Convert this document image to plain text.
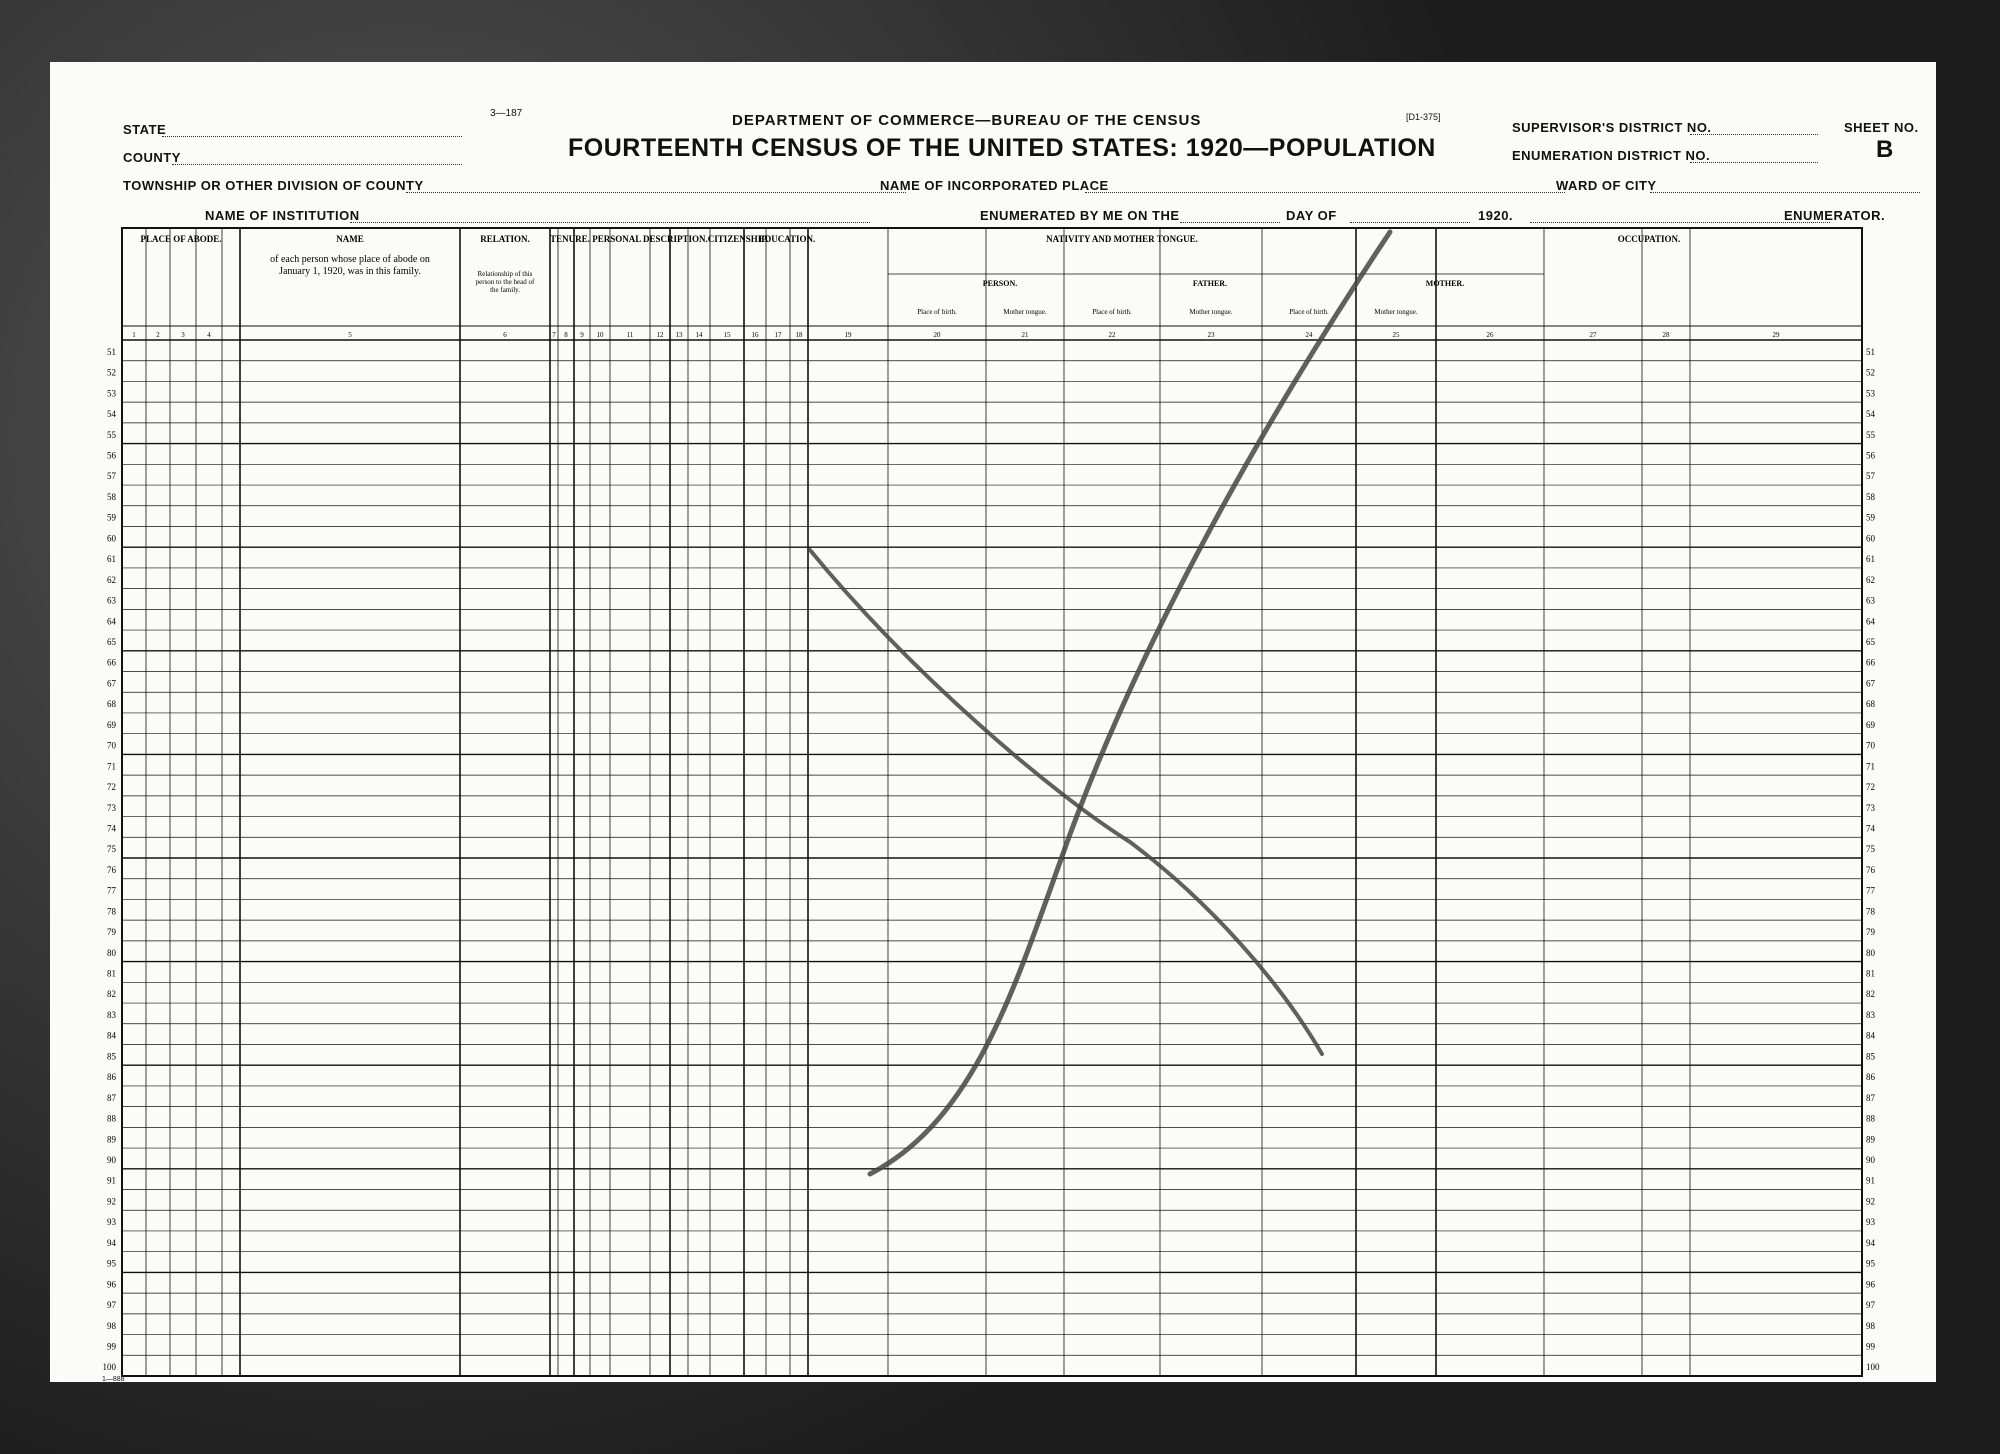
3—187	[D1-375]
DEPARTMENT OF COMMERCE—BUREAU OF THE CENSUS
FOURTEENTH CENSUS OF THE UNITED STATES: 1920—POPULATION
STATE
COUNTY
TOWNSHIP OR OTHER DIVISION OF COUNTY
NAME OF INSTITUTION
NAME OF INCORPORATED PLACE
ENUMERATED BY ME ON THE	DAY OF	1920.	ENUMERATOR.
SUPERVISOR'S DISTRICT NO.
ENUMERATION DISTRICT NO.
WARD OF CITY
SHEET NO.
B
PLACE OF ABODE.	NAME	RELATION. TENURE. PERSONAL DESCRIPTION. CITIZENSHIP.
EDUCATION.	NATIVITY AND MOTHER TONGUE.	OCCUPATION.
of each person whose place of abode on
January 1, 1920, was in this family.	Relationship of this
person to the head of
the family.
PERSON.	FATHER.	MOTHER.
Place of birth.	Mother tongue.	Place of birth.	Mother tongue.	Place of birth.	Mother tongue.
1	2	3	4	5	6	7 8 9 10	11	12 13 14	15	16 17 18	19	20	21	22	23	24	25	26	27	28	29
51	51
52	52
53	53
54	54
55	55
56	56
57	57
58	58
59	59
60	60
61	61
62	62
63	63
64	64
65	65
66	66
67	67
68	68
69	69
70	70
71	71
72	72
73	73
74	74
75	75
76	76
77	77
78	78
79	79
80	80
81	81
82	82
83	83
84	84
85	85
86	86
87	87
88	88
89	89
90	90
91	91
92	92
93	93
94	94
95	95
96	96
97	97
98	98
99	99
100	100
1—888
